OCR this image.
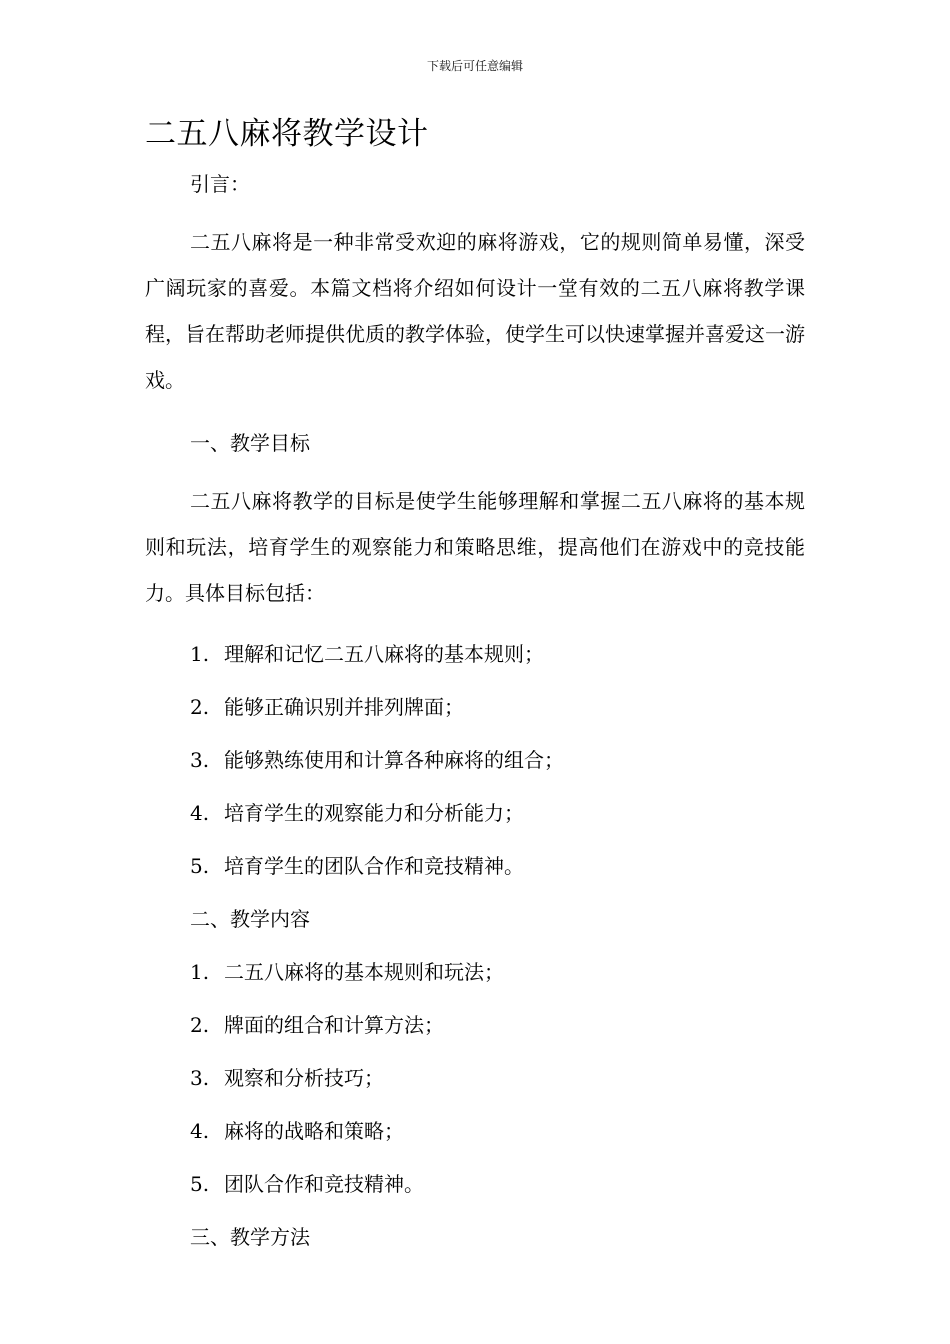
下载后可任意编辑
二五八麻将教学设计

引言：

二五八麻将是一种非常受欢迎的麻将游戏，它的规则简单易懂，深受广阔玩家的喜爱。本篇文档将介绍如何设计一堂有效的二五八麻将教学课程，旨在帮助老师提供优质的教学体验，使学生可以快速掌握并喜爱这一游戏。

一、教学目标

二五八麻将教学的目标是使学生能够理解和掌握二五八麻将的基本规则和玩法，培育学生的观察能力和策略思维，提高他们在游戏中的竞技能力。具体目标包括：

1. 理解和记忆二五八麻将的基本规则；

2. 能够正确识别并排列牌面；

3. 能够熟练使用和计算各种麻将的组合；

4. 培育学生的观察能力和分析能力；

5. 培育学生的团队合作和竞技精神。

二、教学内容

1. 二五八麻将的基本规则和玩法；

2. 牌面的组合和计算方法；

3. 观察和分析技巧；

4. 麻将的战略和策略；

5. 团队合作和竞技精神。

三、教学方法
